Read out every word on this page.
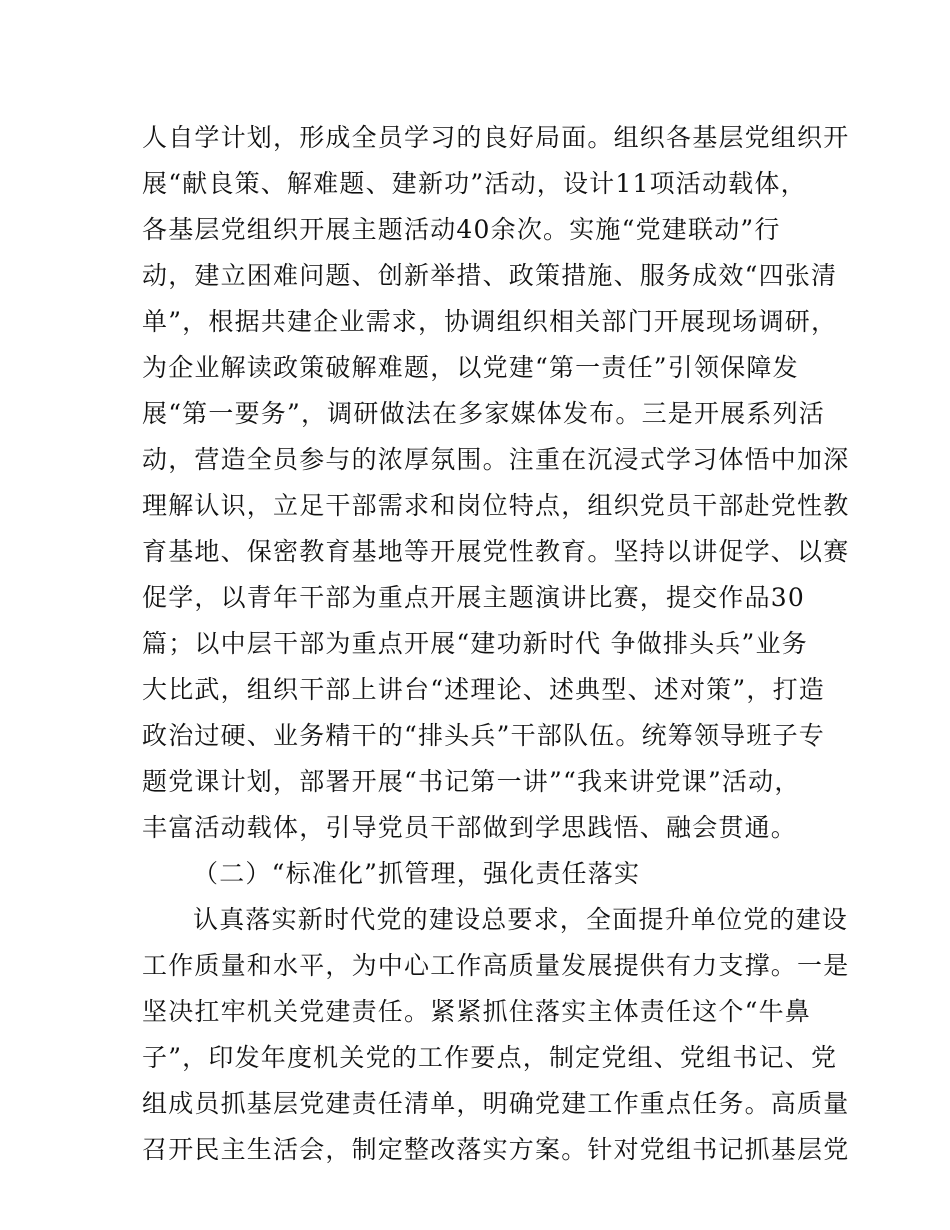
人自学计划，形成全员学习的良好局面。组织各基层党组织开
展“献良策、解难题、建新功”活动，设计11项活动载体，
各基层党组织开展主题活动40余次。实施“党建联动”行
动，建立困难问题、创新举措、政策措施、服务成效“四张清
单”，根据共建企业需求，协调组织相关部门开展现场调研，
为企业解读政策破解难题，以党建“第一责任”引领保障发
展“第一要务”，调研做法在多家媒体发布。三是开展系列活
动，营造全员参与的浓厚氛围。注重在沉浸式学习体悟中加深
理解认识，立足干部需求和岗位特点，组织党员干部赴党性教
育基地、保密教育基地等开展党性教育。坚持以讲促学、以赛
促学，以青年干部为重点开展主题演讲比赛，提交作品30
篇；以中层干部为重点开展“建功新时代 争做排头兵”业务
大比武，组织干部上讲台“述理论、述典型、述对策”，打造
政治过硬、业务精干的“排头兵”干部队伍。统筹领导班子专
题党课计划，部署开展“书记第一讲”“我来讲党课”活动，
丰富活动载体，引导党员干部做到学思践悟、融会贯通。
（二）“标准化”抓管理，强化责任落实
认真落实新时代党的建设总要求，全面提升单位党的建设
工作质量和水平，为中心工作高质量发展提供有力支撑。一是
坚决扛牢机关党建责任。紧紧抓住落实主体责任这个“牛鼻
子”，印发年度机关党的工作要点，制定党组、党组书记、党
组成员抓基层党建责任清单，明确党建工作重点任务。高质量
召开民主生活会，制定整改落实方案。针对党组书记抓基层党
